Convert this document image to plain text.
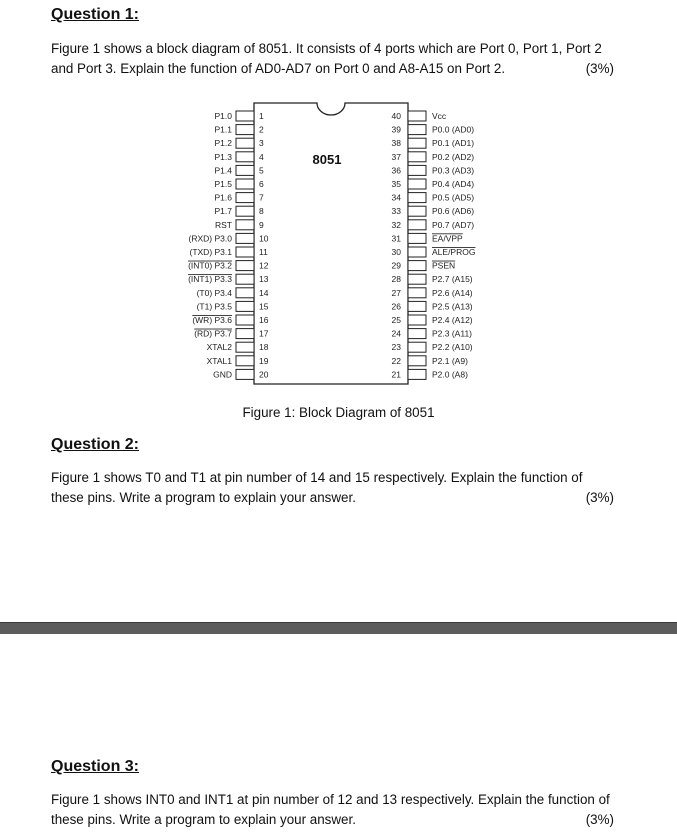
Question 1:

Figure 1 shows a block diagram of 8051. It consists of 4 ports which are Port 0, Port 1, Port 2 and Port 3. Explain the function of AD0-AD7 on Port 0 and A8-A15 on Port 2.	(3%)

8051
P1.0	1
P1.1	2
P1.2	3
P1.3	4
P1.4	5
P1.5	6
P1.6	7
P1.7	8
RST	9
(RXD) P3.0	10
(TXD) P3.1	11
(INT0) P3.2	12
(INT1) P3.3	13
(T0) P3.4	14
(T1) P3.5	15
(WR) P3.6	16
(RD) P3.7	17
XTAL2	18
XTAL1	19
GND	20
40	Vcc
39	P0.0 (AD0)
38	P0.1 (AD1)
37	P0.2 (AD2)
36	P0.3 (AD3)
35	P0.4 (AD4)
34	P0.5 (AD5)
33	P0.6 (AD6)
32	P0.7 (AD7)
31	EA/VPP
30	ALE/PROG
29	PSEN
28	P2.7 (A15)
27	P2.6 (A14)
26	P2.5 (A13)
25	P2.4 (A12)
24	P2.3 (A11)
23	P2.2 (A10)
22	P2.1 (A9)
21	P2.0 (A8)
Figure 1: Block Diagram of 8051
Question 2:

Figure 1 shows T0 and T1 at pin number of 14 and 15 respectively. Explain the function of these pins. Write a program to explain your answer.	(3%)

Question 3:

Figure 1 shows INT0 and INT1 at pin number of 12 and 13 respectively. Explain the function of these pins. Write a program to explain your answer.	(3%)
